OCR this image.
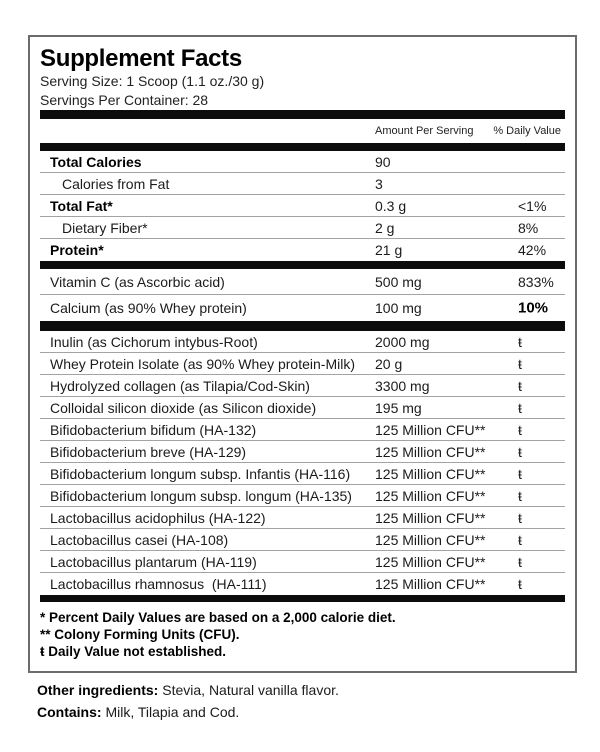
Supplement Facts
Serving Size: 1 Scoop (1.1 oz./30 g)
Servings Per Container: 28
Amount Per Serving % Daily Value
Total Calories	90
Calories from Fat	3
Total Fat*	0.3 g	<1%
Dietary Fiber*	2 g	8%
Protein*	21 g	42%
Vitamin C (as Ascorbic acid)	500 mg	833%
Calcium (as 90% Whey protein)	100 mg	10%
Inulin (as Cichorum intybus-Root)	2000 mg	ŧ
Whey Protein Isolate (as 90% Whey protein-Milk) 20 g	ŧ
Hydrolyzed collagen (as Tilapia/Cod-Skin)	3300 mg	ŧ
Colloidal silicon dioxide (as Silicon dioxide)	195 mg	ŧ
Bifidobacterium bifidum (HA-132)	125 Million CFU** ŧ
Bifidobacterium breve (HA-129)	125 Million CFU** ŧ
Bifidobacterium longum subsp. Infantis (HA-116) 125 Million CFU** ŧ
Bifidobacterium longum subsp. longum (HA-135) 125 Million CFU** ŧ
Lactobacillus acidophilus (HA-122)	125 Million CFU** ŧ
Lactobacillus casei (HA-108)	125 Million CFU** ŧ
Lactobacillus plantarum (HA-119)	125 Million CFU** ŧ
Lactobacillus rhamnosus  (HA-111)	125 Million CFU** ŧ
* Percent Daily Values are based on a 2,000 calorie diet.
** Colony Forming Units (CFU).
ŧ Daily Value not established.
Other ingredients: Stevia, Natural vanilla flavor.
Contains: Milk, Tilapia and Cod.
